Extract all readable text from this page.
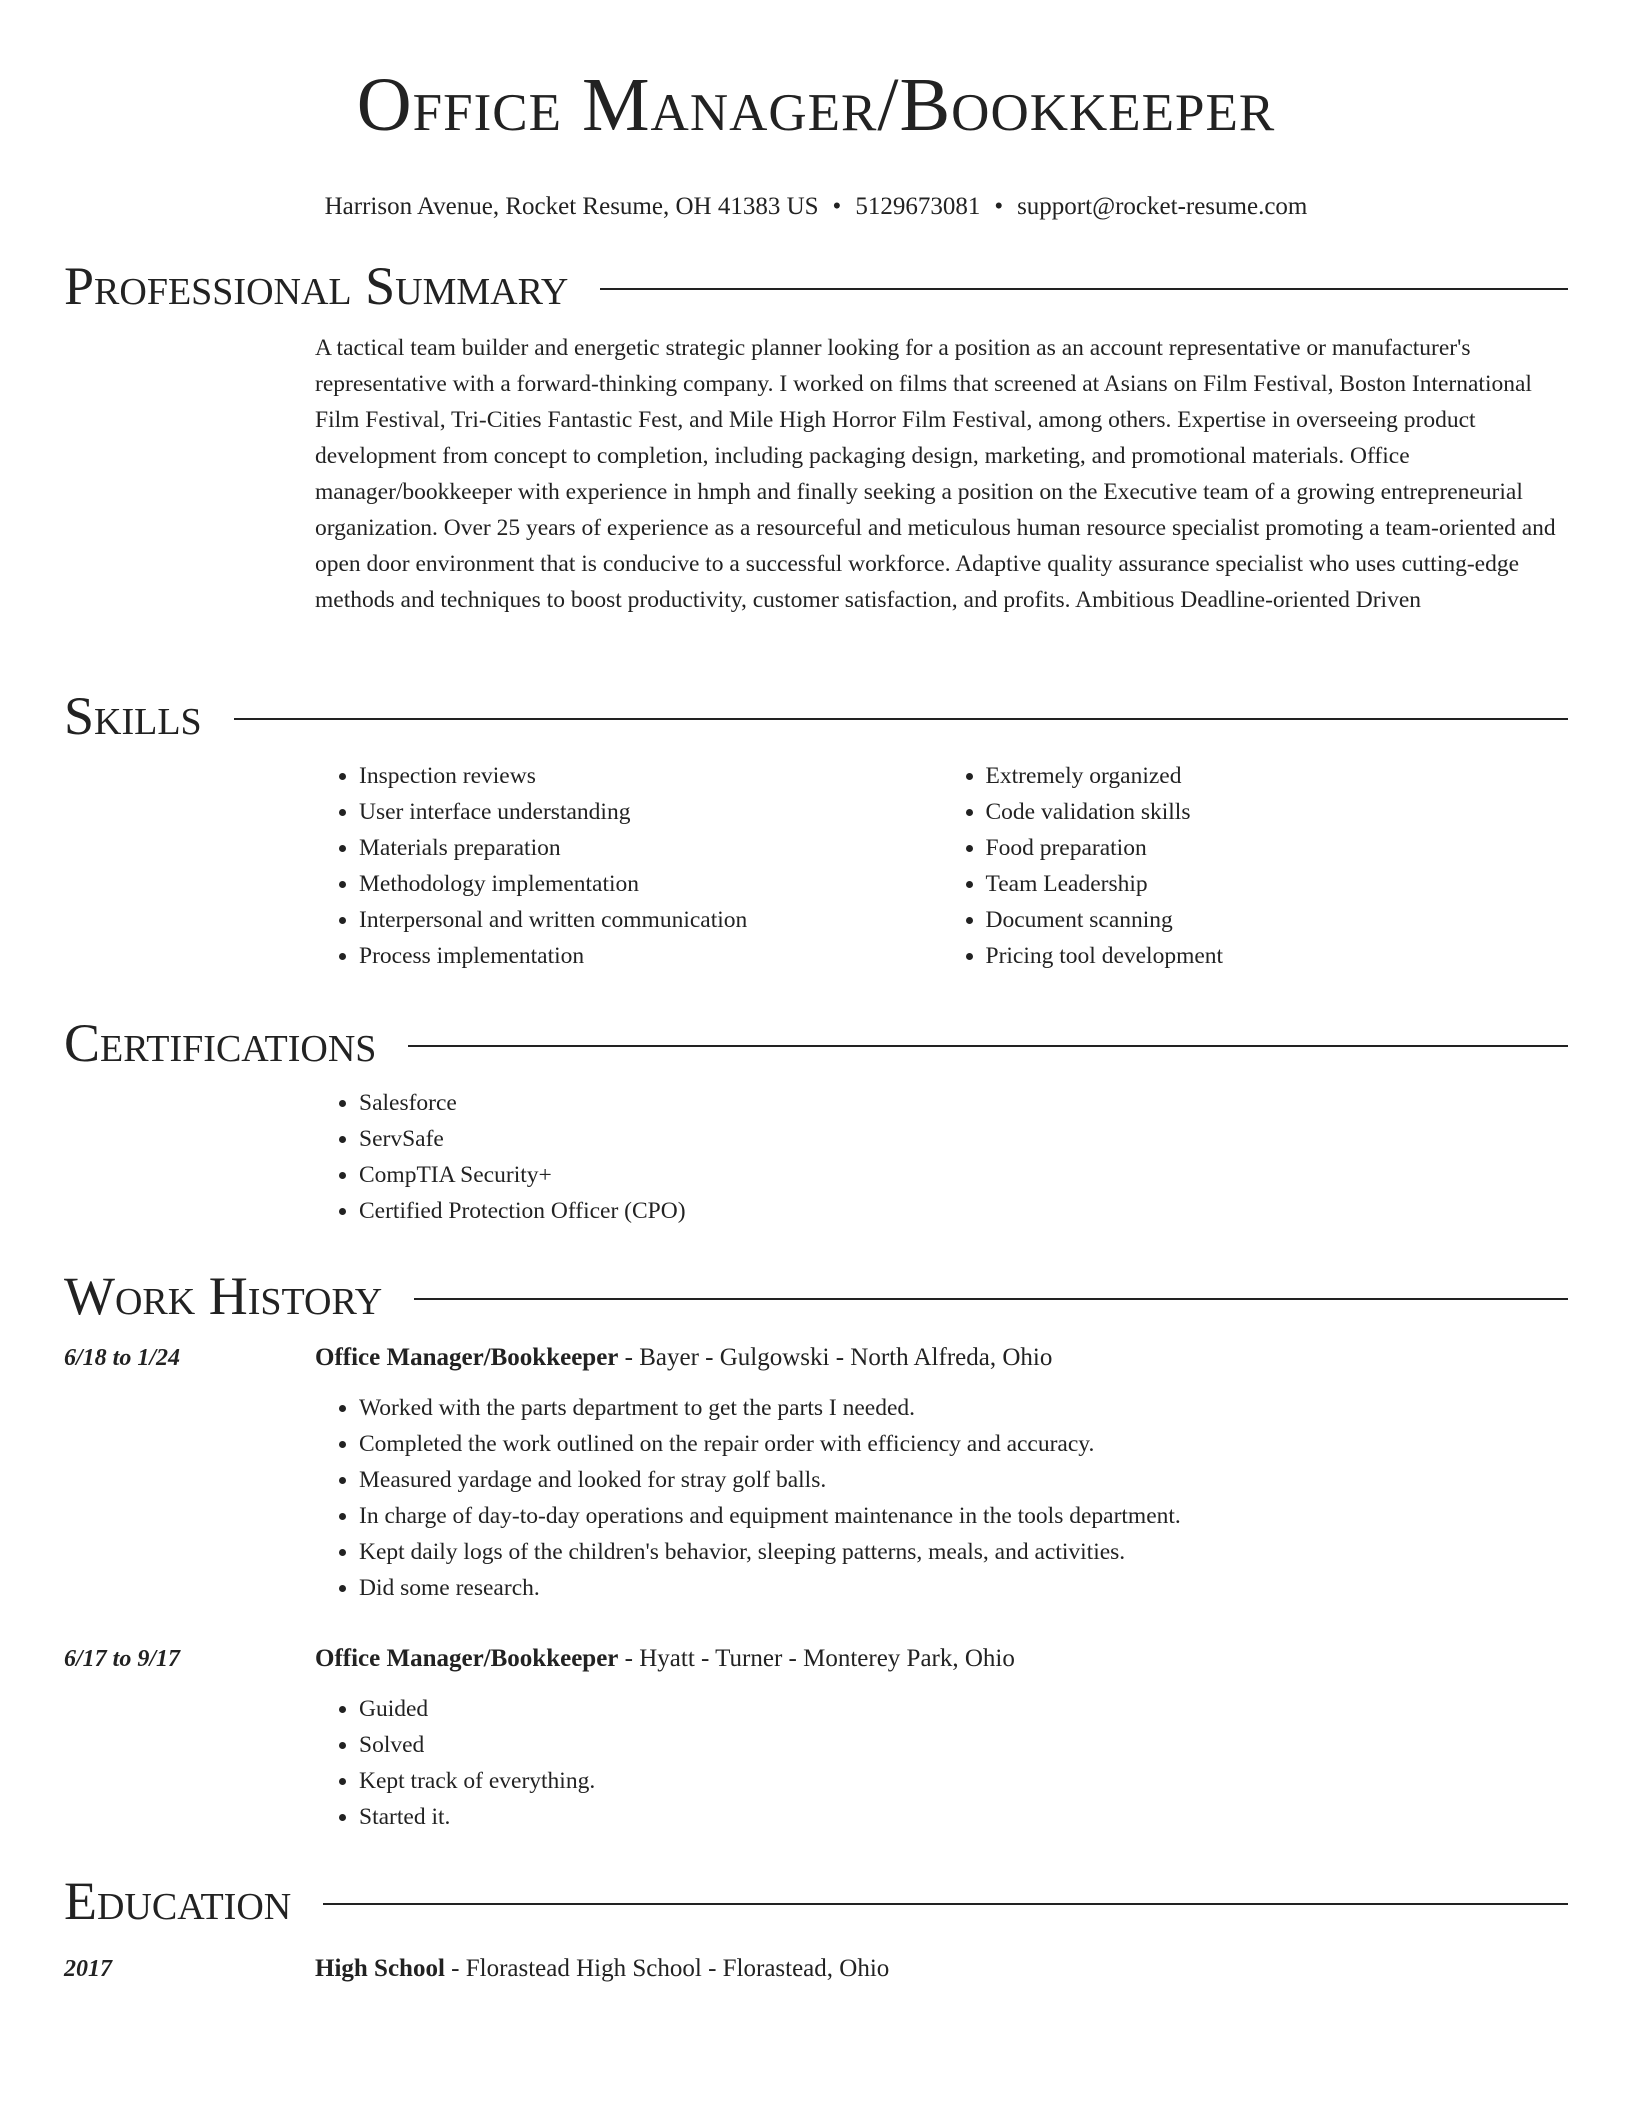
Office Manager/Bookkeeper
Harrison Avenue, Rocket Resume, OH 41383 US • 5129673081 • support@rocket-resume.com
Professional Summary
A tactical team builder and energetic strategic planner looking for a position as an account representative or manufacturer's representative with a forward-thinking company. I worked on films that screened at Asians on Film Festival, Boston International Film Festival, Tri-Cities Fantastic Fest, and Mile High Horror Film Festival, among others. Expertise in overseeing product development from concept to completion, including packaging design, marketing, and promotional materials. Office manager/bookkeeper with experience in hmph and finally seeking a position on the Executive team of a growing entrepreneurial organization. Over 25 years of experience as a resourceful and meticulous human resource specialist promoting a team-oriented and open door environment that is conducive to a successful workforce. Adaptive quality assurance specialist who uses cutting-edge methods and techniques to boost productivity, customer satisfaction, and profits. Ambitious Deadline-oriented Driven
Skills
• Inspection reviews
• User interface understanding
• Materials preparation
• Methodology implementation
• Interpersonal and written communication
• Process implementation
• Extremely organized
• Code validation skills
• Food preparation
• Team Leadership
• Document scanning
• Pricing tool development
Certifications
• Salesforce
• ServSafe
• CompTIA Security+
• Certified Protection Officer (CPO)
Work History
6/18 to 1/24	Office Manager/Bookkeeper - Bayer - Gulgowski - North Alfreda, Ohio
• Worked with the parts department to get the parts I needed.
• Completed the work outlined on the repair order with efficiency and accuracy.
• Measured yardage and looked for stray golf balls.
• In charge of day-to-day operations and equipment maintenance in the tools department.
• Kept daily logs of the children's behavior, sleeping patterns, meals, and activities.
• Did some research.
6/17 to 9/17	Office Manager/Bookkeeper - Hyatt - Turner - Monterey Park, Ohio
• Guided
• Solved
• Kept track of everything.
• Started it.
Education
2017	High School - Florastead High School - Florastead, Ohio
